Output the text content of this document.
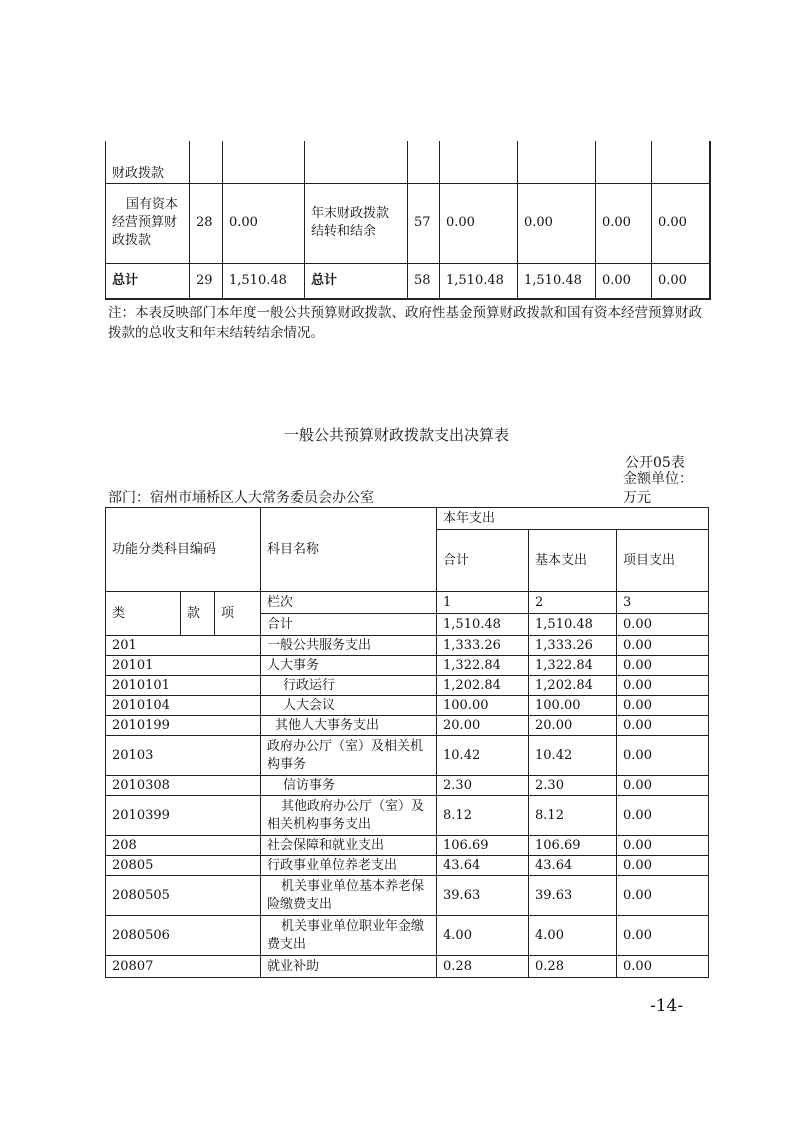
财政拨款								
国有资本经营预算财政拨款	28	0.00	年末财政拨款结转和结余	57	0.00	0.00	0.00	0.00
总计	29	1,510.48	总计	58	1,510.48	1,510.48	0.00	0.00
注：本表反映部门本年度一般公共预算财政拨款、政府性基金预算财政拨款和国有资本经营预算财政拨款的总收支和年末结转结余情况。
一般公共预算财政拨款支出决算表
公开05表
金额单位：万元
部门：宿州市埇桥区人大常务委员会办公室
功能分类科目编码			科目名称	本年支出		
				合计	基本支出	项目支出
类	款	项	栏次	1	2	3
			合计	1,510.48	1,510.48	0.00
201			一般公共服务支出	1,333.26	1,333.26	0.00
20101			人大事务	1,322.84	1,322.84	0.00
2010101			行政运行	1,202.84	1,202.84	0.00
2010104			人大会议	100.00	100.00	0.00
2010199			其他人大事务支出	20.00	20.00	0.00
20103			政府办公厅（室）及相关机构事务	10.42	10.42	0.00
2010308			信访事务	2.30	2.30	0.00
2010399			其他政府办公厅（室）及相关机构事务支出	8.12	8.12	0.00
208			社会保障和就业支出	106.69	106.69	0.00
20805			行政事业单位养老支出	43.64	43.64	0.00
2080505			机关事业单位基本养老保险缴费支出	39.63	39.63	0.00
2080506			机关事业单位职业年金缴费支出	4.00	4.00	0.00
20807			就业补助	0.28	0.28	0.00
-14-
